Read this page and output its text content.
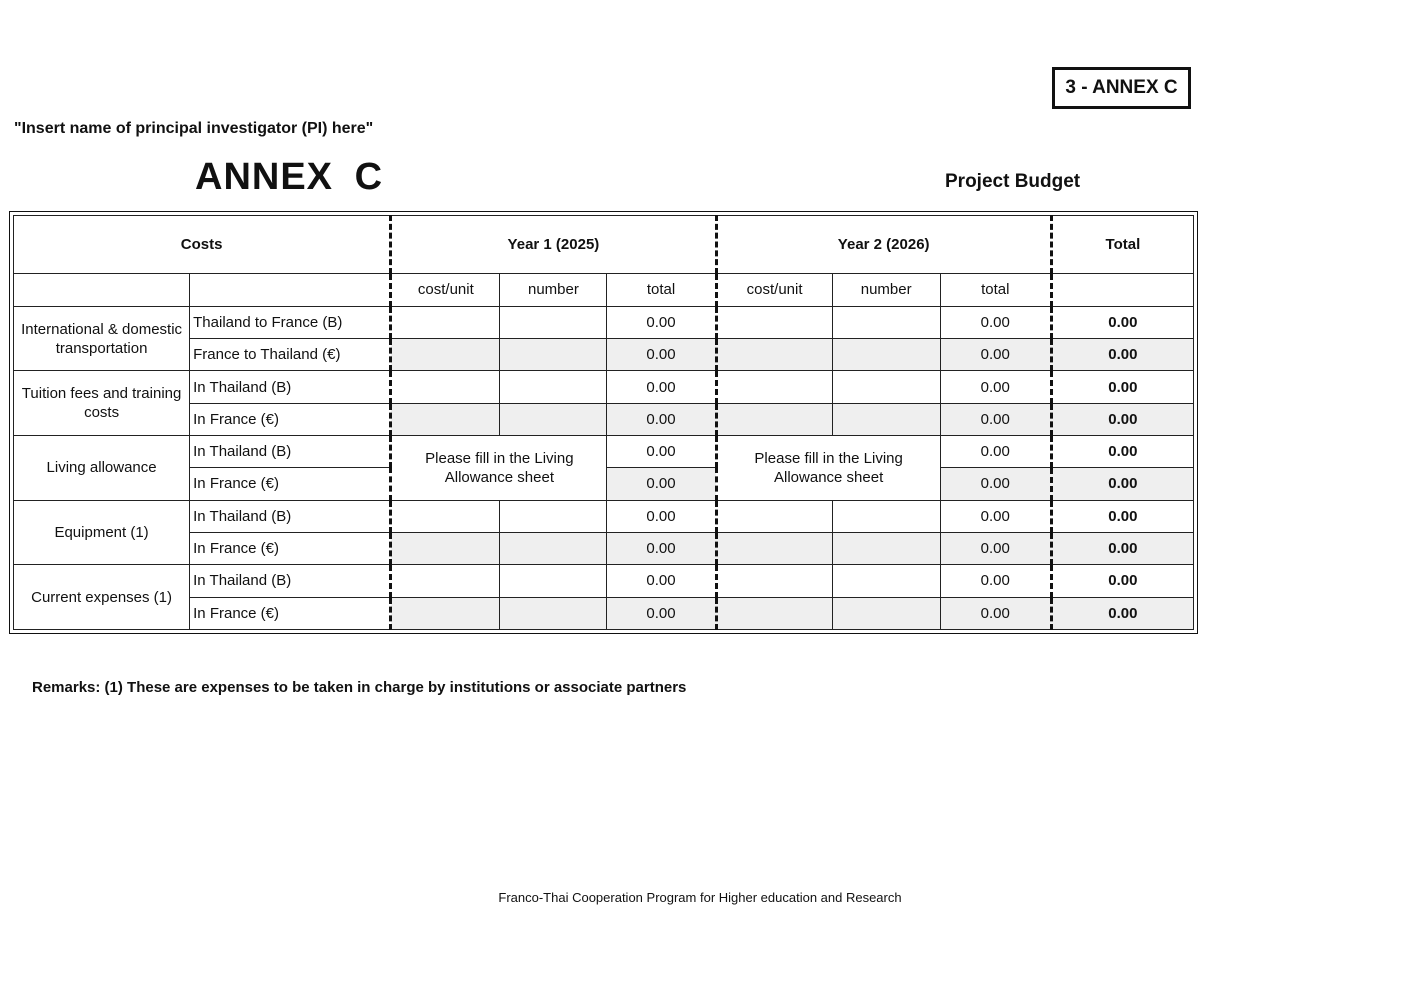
3 - ANNEX C
"Insert name of principal investigator (PI) here"
ANNEX C	Project Budget
Costs		Year 1 (2025)			Year 2 (2026)			Total
		cost/unit	number	total	cost/unit	number	total	
International & domestic transportation	Thailand to France (B)			0.00			0.00	0.00
	France to Thailand (€)			0.00			0.00	0.00
Tuition fees and training costs	In Thailand (B)			0.00			0.00	0.00
	In France (€)			0.00			0.00	0.00
Living allowance	In Thailand (B)	Please fill in the Living Allowance sheet		0.00	Please fill in the Living Allowance sheet		0.00	0.00
	In France (€)			0.00			0.00	0.00
Equipment (1)	In Thailand (B)			0.00			0.00	0.00
	In France (€)			0.00			0.00	0.00
Current expenses (1)	In Thailand (B)			0.00			0.00	0.00
	In France (€)			0.00			0.00	0.00
Remarks: (1) These are expenses to be taken in charge by institutions or associate partners
Franco-Thai Cooperation Program for Higher education and Research
